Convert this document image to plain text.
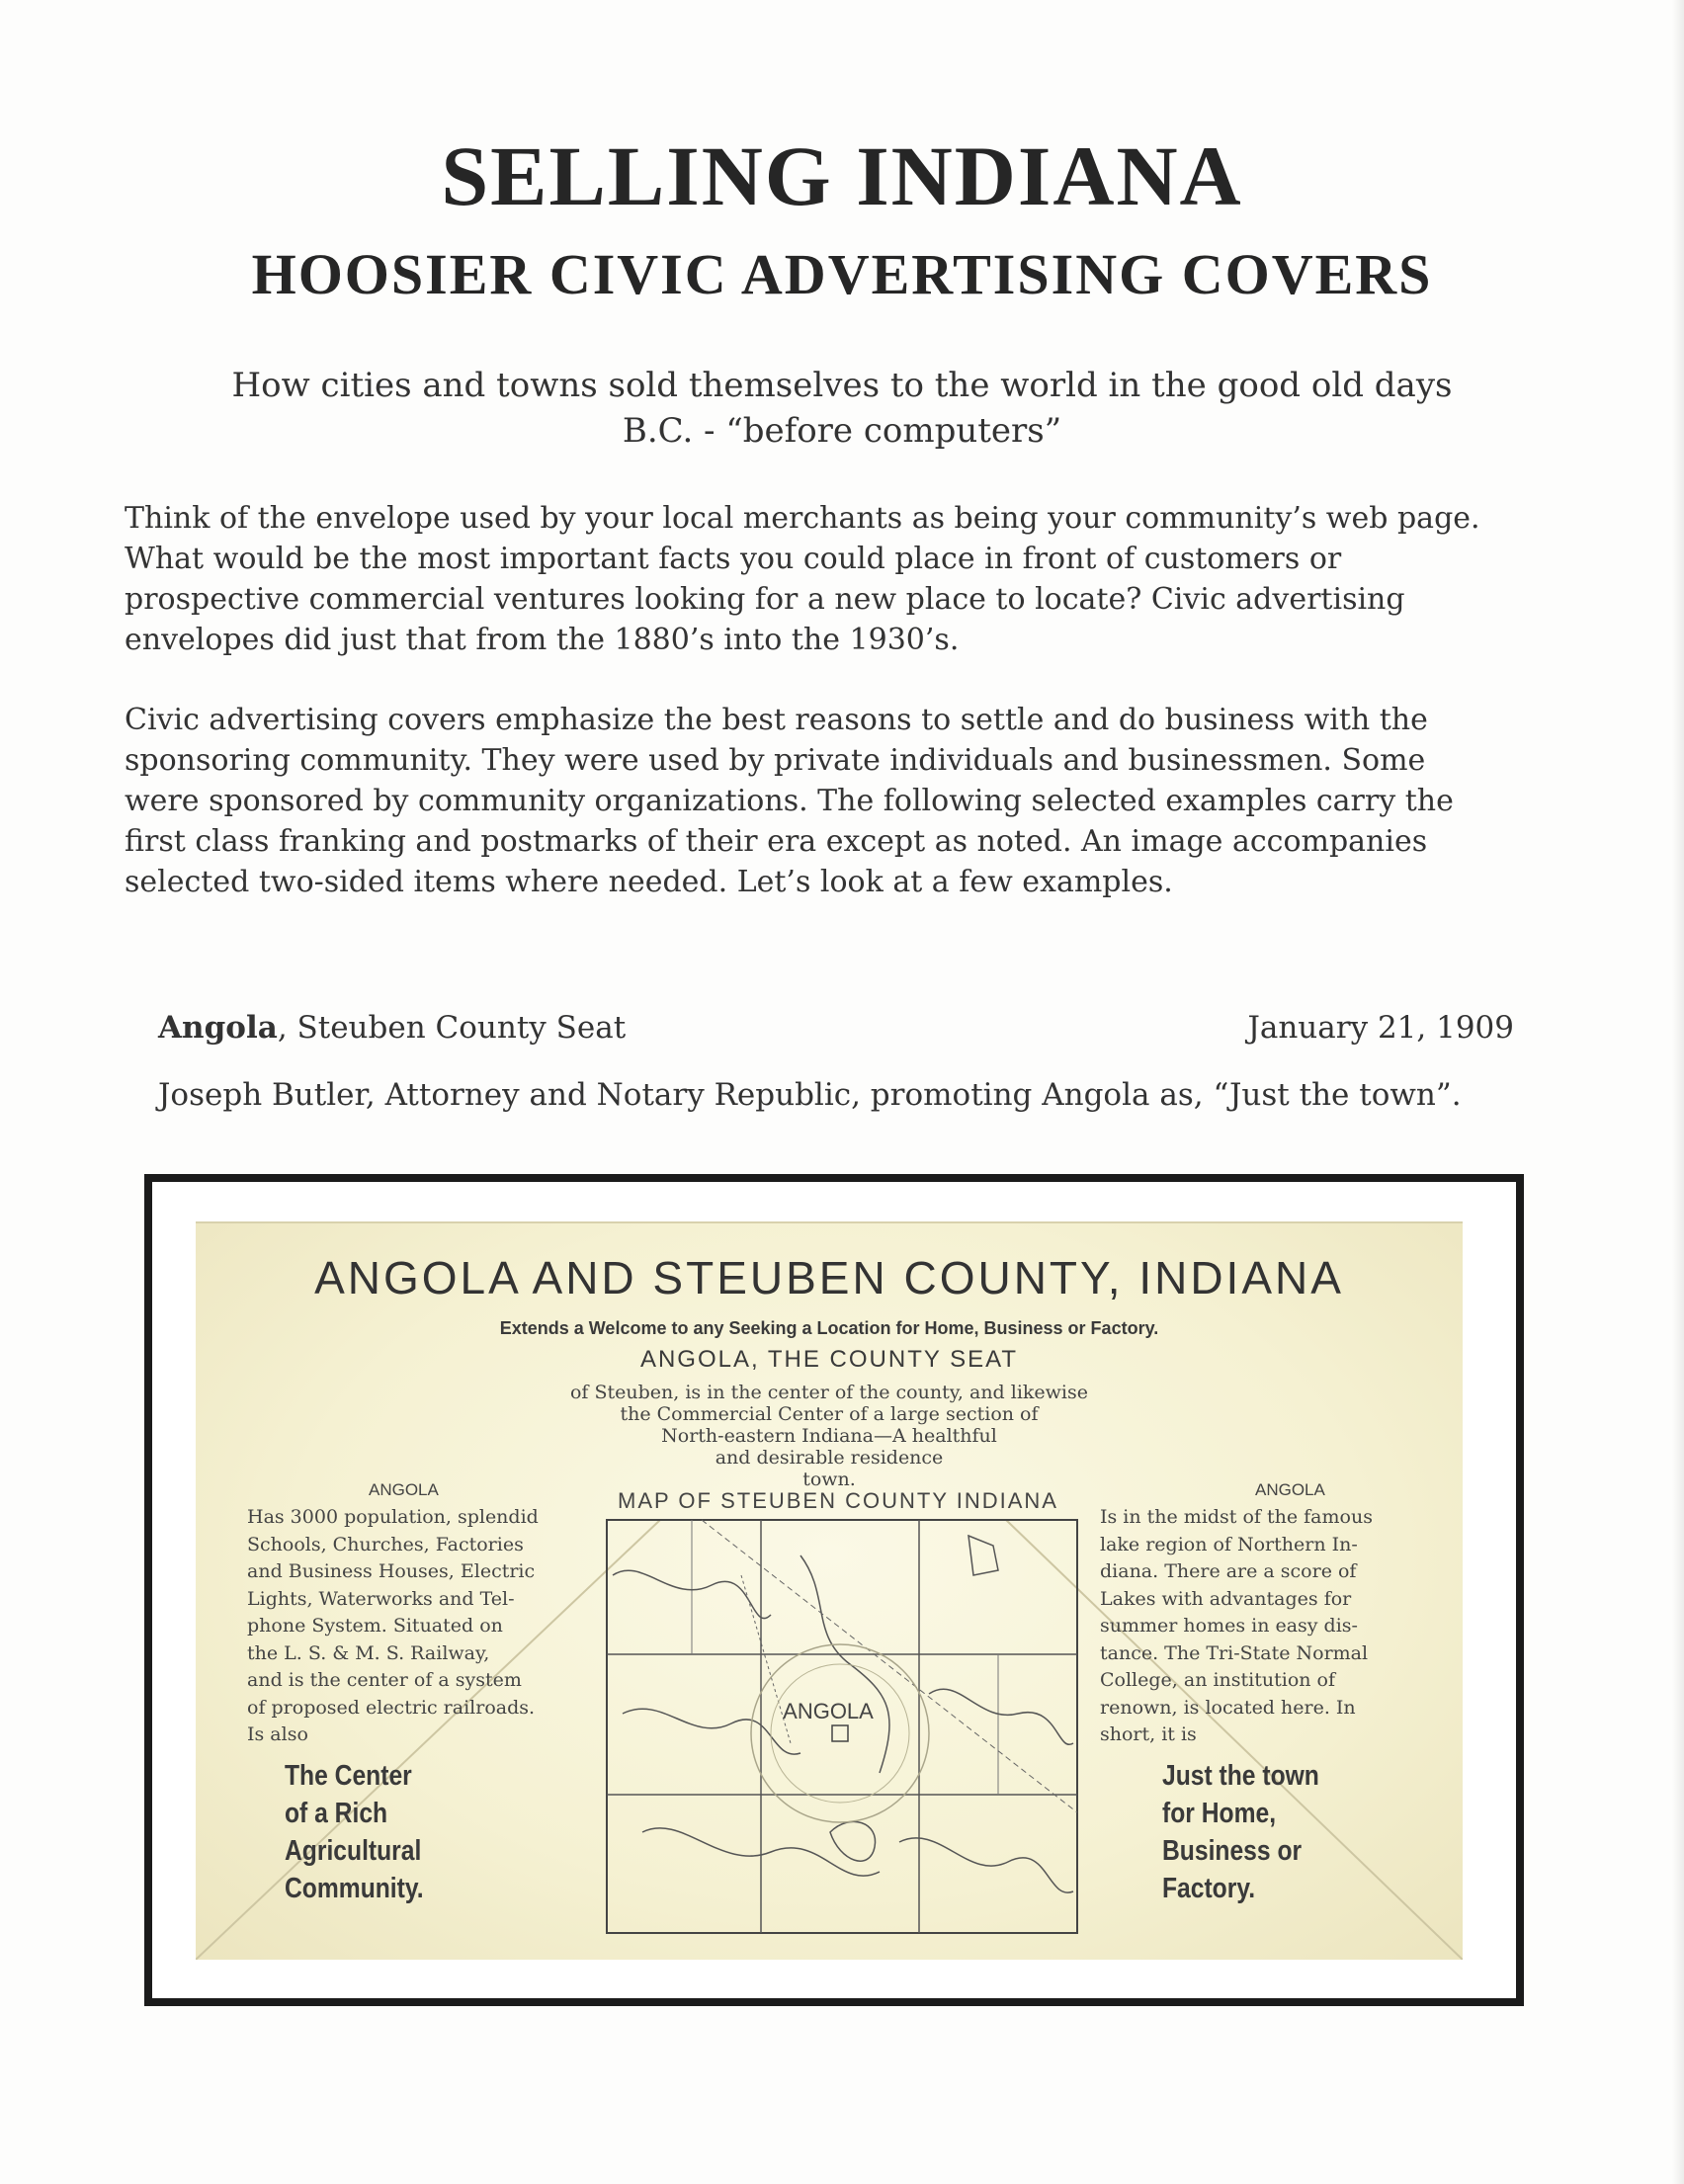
SELLING INDIANA
HOOSIER CIVIC ADVERTISING COVERS
How cities and towns sold themselves to the world in the good old days
B.C. - “before computers”
Think of the envelope used by your local merchants as being your community’s web page.
What would be the most important facts you could place in front of customers or
prospective commercial ventures looking for a new place to locate? Civic advertising
envelopes did just that from the 1880’s into the 1930’s.
Civic advertising covers emphasize the best reasons to settle and do business with the
sponsoring community. They were used by private individuals and businessmen. Some
were sponsored by community organizations. The following selected examples carry the
first class franking and postmarks of their era except as noted. An image accompanies
selected two-sided items where needed. Let’s look at a few examples.
Angola, Steuben County Seat	January 21, 1909
Joseph Butler, Attorney and Notary Republic, promoting Angola as, “Just the town”.
ANGOLA AND STEUBEN COUNTY, INDIANA
Extends a Welcome to any Seeking a Location for Home, Business or Factory.
ANGOLA, THE COUNTY SEAT
of Steuben, is in the center of the county, and likewise
the Commercial Center of a large section of
North-eastern Indiana—A healthful
and desirable residence
town.
ANGOLA
Has 3000 population, splendid
Schools, Churches, Factories
and Business Houses, Electric
Lights, Waterworks and Tel-
phone System. Situated on
the L. S. & M. S. Railway,
and is the center of a system
of proposed electric railroads.
Is also
The Center
of a Rich
Agricultural
Community.
ANGOLA
Is in the midst of the famous
lake region of Northern In-
diana. There are a score of
Lakes with advantages for
summer homes in easy dis-
tance. The Tri-State Normal
College, an institution of
renown, is located here. In
short, it is
Just the town
for Home,
Business or
Factory.
MAP OF STEUBEN COUNTY INDIANA
ANGOLA
